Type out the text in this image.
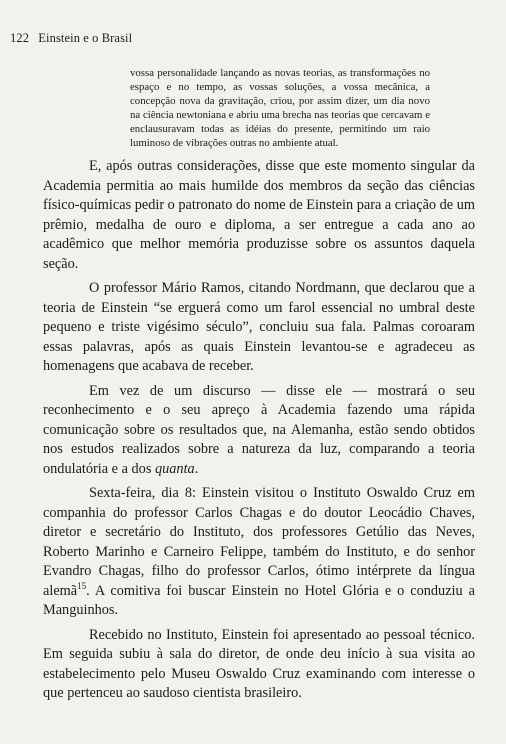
122 Einstein e o Brasil

vossa personalidade lançando as novas teorias, as transformações no espaço e no tempo, as vossas soluções, a vossa mecânica, a concepção nova da gravitação, criou, por assim dizer, um dia novo na ciência newtoniana e abriu uma brecha nas teorias que cercavam e enclausuravam todas as idéias do presente, permitindo um raio luminoso de vibrações outras no ambiente atual.

E, após outras considerações, disse que este momento singular da Academia permitia ao mais humilde dos membros da seção das ciências físico-químicas pedir o patronato do nome de Einstein para a criação de um prêmio, medalha de ouro e diploma, a ser entregue a cada ano ao acadêmico que melhor memória produzisse sobre os assuntos daquela seção.

O professor Mário Ramos, citando Nordmann, que declarou que a teoria de Einstein “se erguerá como um farol essencial no umbral deste pequeno e triste vigésimo século”, concluiu sua fala. Palmas coroaram essas palavras, após as quais Einstein levantou-se e agradeceu as homenagens que acabava de receber.

Em vez de um discurso — disse ele — mostrará o seu reconhecimento e o seu apreço à Academia fazendo uma rápida comunicação sobre os resultados que, na Alemanha, estão sendo obtidos nos estudos realizados sobre a natureza da luz, comparando a teoria ondulatória e a dos quanta.

Sexta-feira, dia 8: Einstein visitou o Instituto Oswaldo Cruz em companhia do professor Carlos Chagas e do doutor Leocádio Chaves, diretor e secretário do Instituto, dos professores Getúlio das Neves, Roberto Marinho e Carneiro Felippe, também do Instituto, e do senhor Evandro Chagas, filho do professor Carlos, ótimo intérprete da língua alemã$^{15}$. A comitiva foi buscar Einstein no Hotel Glória e o conduziu a Manguinhos.

Recebido no Instituto, Einstein foi apresentado ao pessoal técnico. Em seguida subiu à sala do diretor, de onde deu início à sua visita ao estabelecimento pelo Museu Oswaldo Cruz examinando com interesse o que pertenceu ao saudoso cientista brasileiro.
